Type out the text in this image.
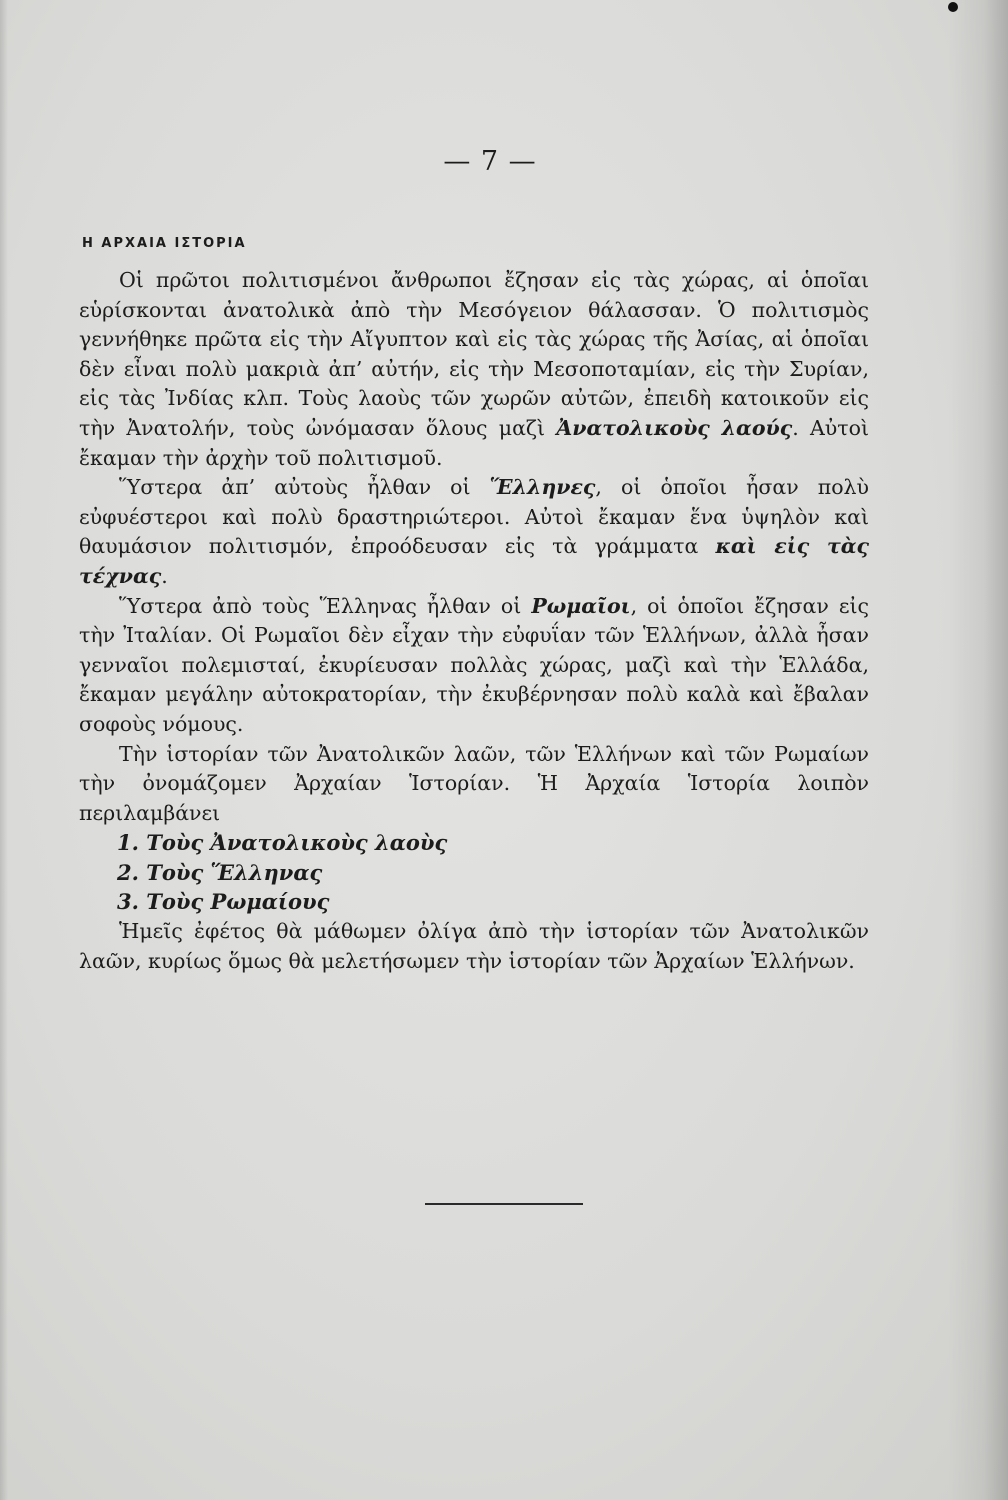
— 7 —
Η ΑΡΧΑΙΑ ΙΣΤΟΡΙΑ

Οἱ πρῶτοι πολιτισμένοι ἄνθρωποι ἔζησαν εἰς τὰς χώρας, αἱ ὁποῖαι εὑρίσκονται ἀνατολικὰ ἀπὸ τὴν Μεσόγειον θάλασσαν. Ὁ πολιτισμὸς γεννήθηκε πρῶτα εἰς τὴν Αἴγυπτον καὶ εἰς τὰς χώρας τῆς Ἀσίας, αἱ ὁποῖαι δὲν εἶναι πολὺ μακριὰ ἀπ’ αὐτήν, εἰς τὴν Μεσοποταμίαν, εἰς τὴν Συρίαν, εἰς τὰς Ἰνδίας κλπ. Τοὺς λαοὺς τῶν χωρῶν αὐτῶν, ἐπειδὴ κατοικοῦν εἰς τὴν Ἀνατολήν, τοὺς ὠνόμασαν ὅλους μαζὶ Ἀνατολικοὺς λαούς. Αὐτοὶ ἔκαμαν τὴν ἀρχὴν τοῦ πολιτισμοῦ.

Ὕστερα ἀπ’ αὐτοὺς ἦλθαν οἱ Ἕλληνες, οἱ ὁποῖοι ἦσαν πολὺ εὐφυέστεροι καὶ πολὺ δραστηριώτεροι. Αὐτοὶ ἔκαμαν ἕνα ὑψηλὸν καὶ θαυμάσιον πολιτισμόν, ἐπροόδευσαν εἰς τὰ γράμματα καὶ εἰς τὰς τέχνας.

Ὕστερα ἀπὸ τοὺς Ἕλληνας ἦλθαν οἱ Ρωμαῖοι, οἱ ὁποῖοι ἔζησαν εἰς τὴν Ἰταλίαν. Οἱ Ρωμαῖοι δὲν εἶχαν τὴν εὐφυΐαν τῶν Ἑλλήνων, ἀλλὰ ἦσαν γενναῖοι πολεμισταί, ἐκυρίευσαν πολλὰς χώρας, μαζὶ καὶ τὴν Ἑλλάδα, ἔκαμαν μεγάλην αὐτοκρατορίαν, τὴν ἐκυβέρνησαν πολὺ καλὰ καὶ ἔβαλαν σοφοὺς νόμους.

Τὴν ἱστορίαν τῶν Ἀνατολικῶν λαῶν, τῶν Ἑλλήνων καὶ τῶν Ρωμαίων τὴν ὀνομάζομεν Ἀρχαίαν Ἱστορίαν. Ἡ Ἀρχαία Ἱστορία λοιπὸν περιλαμβάνει

1. Τοὺς Ἀνατολικοὺς λαοὺς
2. Τοὺς Ἕλληνας
3. Τοὺς Ρωμαίους

Ἡμεῖς ἐφέτος θὰ μάθωμεν ὀλίγα ἀπὸ τὴν ἱστορίαν τῶν Ἀνατολικῶν λαῶν, κυρίως ὅμως θὰ μελετήσωμεν τὴν ἱστορίαν τῶν Ἀρχαίων Ἑλλήνων.
